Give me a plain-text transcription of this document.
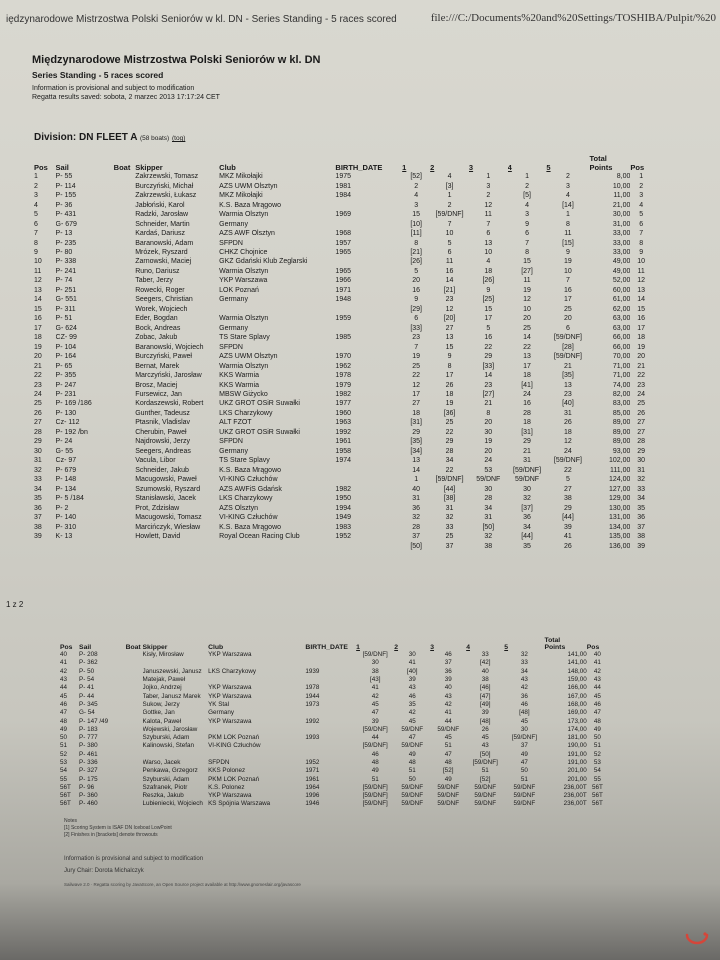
iędzynarodowe Mistrzostwa Polski Seniorów w kl. DN - Series Standing - 5 races scored	file:///C:/Documents%20and%20Settings/TOSHIBA/Pulpit/%20
Międzynarodowe Mistrzostwa Polski Seniorów w kl. DN
Series Standing - 5 races scored
Information is provisional and subject to modification
Regatta results saved: sobota, 2 marzec 2013 17:17:24 CET
Division: DN FLEET A (58 boats) (tog)
Pos	Sail	Boat	Skipper	Club	BIRTH_DATE	1	2	3	4	5	Total
Points	Pos
1	P- 55		Zakrzewski, Tomasz	MKŻ Mikołajki	1975	[52]	4	1	1	2	8,00	1
2	P- 114		Burczyński, Michał	AZS UWM Olsztyn	1981	2	[3]	3	2	3	10,00	2
3	P- 155		Zakrzewski, Łukasz	MKŻ Mikołajki	1984	4	1	2	[5]	4	11,00	3
4	P- 36		Jabłoński, Karol	K.S. Baza Mrągowo		3	2	12	4	[14]	21,00	4
5	P- 431		Radzki, Jarosław	Warmia Olsztyn	1969	15	[59/DNF]	11	3	1	30,00	5
6	G- 679		Schneider, Martin	Germany		[10]	7	7	9	8	31,00	6
7	P- 13		Kardaś, Dariusz	AZS AWF Olsztyn	1968	[11]	10	6	6	11	33,00	7
8	P- 235		Baranowski, Adam	SFPDN	1957	8	5	13	7	[15]	33,00	8
9	P- 80		Mrózek, Ryszard	CHKŻ Chojnice	1965	[21]	6	10	8	9	33,00	9
10	P- 338		Żarnowski, Maciej	GKŻ Gdański Klub Żeglarski		[26]	11	4	15	19	49,00	10
11	P- 241		Runo, Dariusz	Warmia Olsztyn	1965	5	16	18	[27]	10	49,00	11
12	P- 74		Taber, Jerzy	YKP Warszawa	1966	20	14	[26]	11	7	52,00	12
13	P- 251		Rowecki, Roger	LOK Poznań	1971	16	[21]	9	19	16	60,00	13
14	G- 551		Seegers, Christian	Germany	1948	9	23	[25]	12	17	61,00	14
15	P- 311		Worek, Wojciech			[29]	12	15	10	25	62,00	15
16	P- 51		Eder, Bogdan	Warmia Olsztyn	1959	6	[20]	17	20	20	63,00	16
17	G- 624		Bock, Andreas	Germany		[33]	27	5	25	6	63,00	17
18	CZ- 99		Zobac, Jakub	TS Stare Splavy	1985	23	13	16	14	[59/DNF]	66,00	18
19	P- 104		Baranowski, Wojciech	SFPDN		7	15	22	22	[28]	66,00	19
20	P- 164		Burczyński, Paweł	AZS UWM Olsztyn	1970	19	9	29	13	[59/DNF]	70,00	20
21	P- 65		Bernat, Marek	Warmia Olsztyn	1962	25	8	[33]	17	21	71,00	21
22	P- 355		Marczyński, Jarosław	KKS Warmia	1978	22	17	14	18	[35]	71,00	22
23	P- 247		Brosz, Maciej	KKS Warmia	1979	12	26	23	[41]	13	74,00	23
24	P- 231		Fursewicz, Jan	MBSW Giżycko	1982	17	18	[27]	24	23	82,00	24
25	P- 169 /186		Kordaszewski, Robert	UKŻ GROT OSiR Suwałki	1977	27	19	21	16	[40]	83,00	25
26	P- 130		Gunther, Tadeusz	LKS Charzykowy	1960	18	[36]	8	28	31	85,00	26
27	Cz- 112		Ptasnik, Vladislav	ALT FZOT	1963	[31]	25	20	18	26	89,00	27
28	P- 192 /bn		Cherubin, Paweł	UKŻ GROT OSiR Suwałki	1992	29	22	30	[31]	18	89,00	27
29	P- 24		Najdrowski, Jerzy	SFPDN	1961	[35]	29	19	29	12	89,00	28
30	G- 55		Seegers, Andreas	Germany	1958	[34]	28	20	21	24	93,00	29
31	Cz- 97		Vacula, Libor	TS Stare Splavy	1974	13	34	24	31	[59/DNF]	102,00	30
32	P- 679		Schneider, Jakub	K.S. Baza Mrągowo		14	22	53	[59/DNF]	22	111,00	31
33	P- 148		Macugowski, Paweł	VI-KING Człuchów		1	[59/DNF]	59/DNF	59/DNF	5	124,00	32
34	P- 134		Szumowski, Ryszard	AZS AWFiS Gdańsk	1982	40	[44]	30	30	27	127,00	33
35	P- 5 /184		Stanisławski, Jacek	LKS Charzykowy	1950	31	[38]	28	32	38	129,00	34
36	P- 2		Prot, Zdzisław	AZS Olsztyn	1994	36	31	34	[37]	29	130,00	35
37	P- 140		Macugowski, Tomasz	VI-KING Człuchów	1949	32	32	31	36	[44]	131,00	36
38	P- 310		Marcińczyk, Wiesław	K.S. Baza Mrągowo	1983	28	33	[50]	34	39	134,00	37
39	K- 13		Howlett, David	Royal Ocean Racing Club	1952	37	25	32	[44]	41	135,00	38
						[50]	37	38	35	26	136,00	39
1 z 2
Pos	Sail	Boat	Skipper	Club	BIRTH_DATE	1	2	3	4	5	Total
Points	Pos
40	P- 208		Kisły, Mirosław	YKP Warszawa		[59/DNF]	30	46	33	32	141,00	40
41	P- 362					30	41	37	[42]	33	141,00	41
42	P- 50		Januszewski, Janusz	LKS Charzykowy	1939	38	[40]	36	40	34	148,00	42
43	P- 54		Matejak, Paweł			[43]	39	39	38	43	159,00	43
44	P- 41		Jojko, Andrzej	YKP Warszawa	1978	41	43	40	[46]	42	166,00	44
45	P- 44		Taber, Janusz Marek	YKP Warszawa	1944	42	46	43	[47]	36	167,00	45
46	P- 345		Sukow, Jerzy	YK Stal	1973	45	35	42	[49]	46	168,00	46
47	G- 54		Gottke, Jan	Germany		47	42	41	39	[48]	169,00	47
48	P- 147 /49		Kalota, Paweł	YKP Warszawa	1992	39	45	44	[48]	45	173,00	48
49	P- 183		Wojewski, Jarosław			[59/DNF]	59/DNF	59/DNF	26	30	174,00	49
50	P- 777		Szyburski, Adam	PKM LOK Poznań	1993	44	47	45	45	[59/DNF]	181,00	50
51	P- 380		Kalinowski, Stefan	VI-KING Człuchów		[59/DNF]	59/DNF	51	43	37	190,00	51
52	P- 461					46	49	47	[50]	49	191,00	52
53	P- 336		Warso, Jacek	SFPDN	1952	48	48	48	[59/DNF]	47	191,00	53
54	P- 327		Penkawa, Grzegorz	KKS Polonez	1971	49	51	[52]	51	50	201,00	54
55	P- 175		Szyburski, Adam	PKM LOK Poznań	1961	51	50	49	[52]	51	201,00	55
56T	P- 96		Szafranek, Piotr	K.S. Polonez	1964	[59/DNF]	59/DNF	59/DNF	59/DNF	59/DNF	236,00T	56T
56T	P- 360		Reszka, Jakub	YKP Warszawa	1996	[59/DNF]	59/DNF	59/DNF	59/DNF	59/DNF	236,00T	56T
56T	P- 460		Lubieniecki, Wojciech	KS Spójnia Warszawa	1946	[59/DNF]	59/DNF	59/DNF	59/DNF	59/DNF	236,00T	56T
Notes
[1] Scoring System is ISAF DN Iceboat LowPoint
[2] Finishes in [brackets] denote throwouts
Information is provisional and subject to modification
Jury Chair: Dorota Michalczyk
Sailwave 2.0 · Regatta scoring by JavaScore, an Open Source project available at http://www.gnomeslair.org/javascore
